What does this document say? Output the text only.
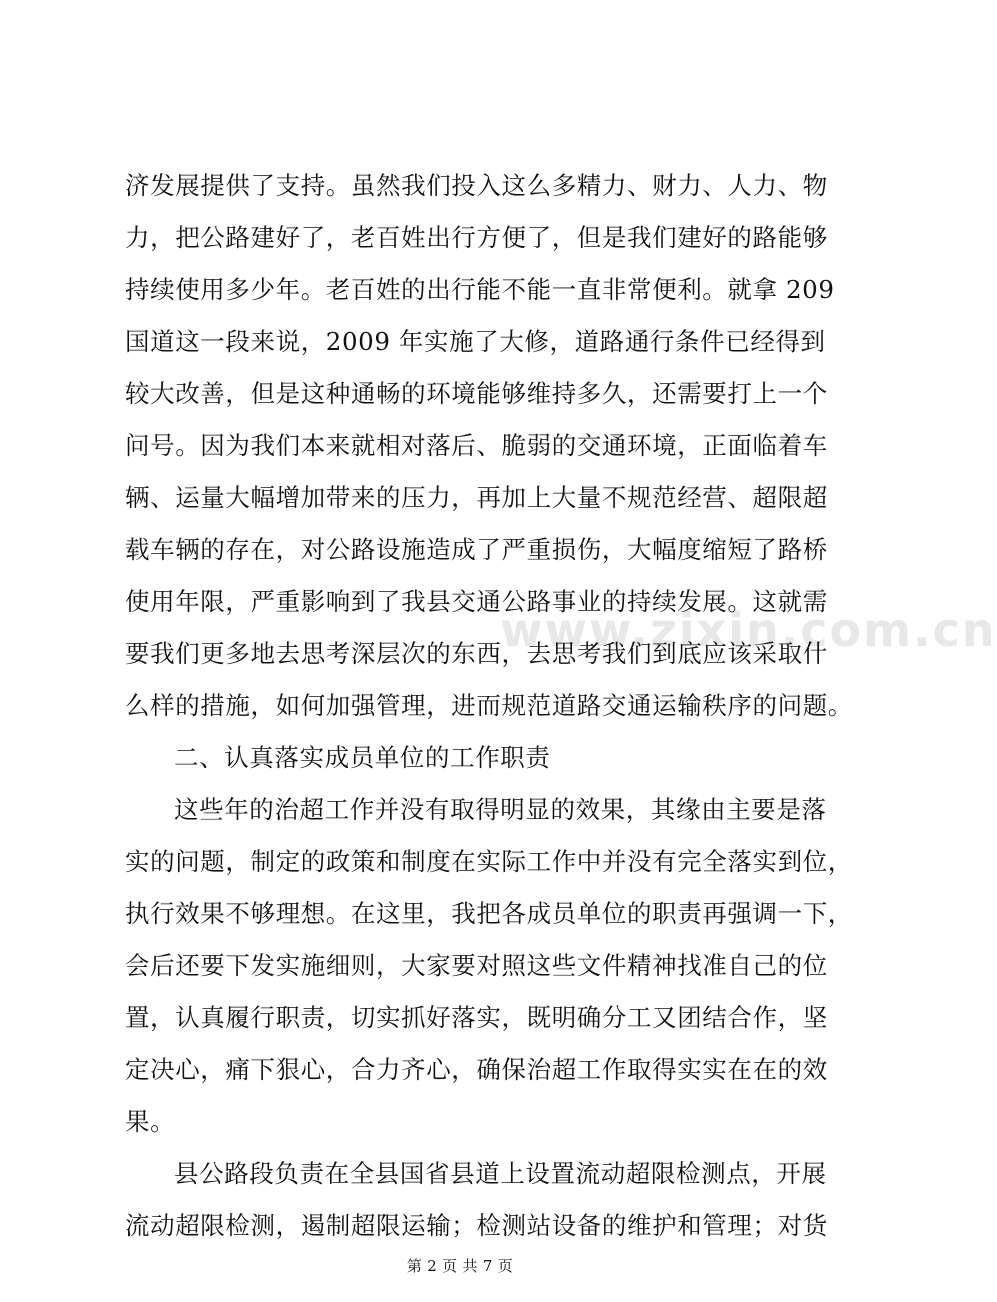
www.zixin.com.cn
济发展提供了支持。虽然我们投入这么多精力、财力、人力、物
力，把公路建好了，老百姓出行方便了，但是我们建好的路能够
持续使用多少年。老百姓的出行能不能一直非常便利。就拿 209
国道这一段来说，2009 年实施了大修，道路通行条件已经得到
较大改善，但是这种通畅的环境能够维持多久，还需要打上一个
问号。因为我们本来就相对落后、脆弱的交通环境，正面临着车
辆、运量大幅增加带来的压力，再加上大量不规范经营、超限超
载车辆的存在，对公路设施造成了严重损伤，大幅度缩短了路桥
使用年限，严重影响到了我县交通公路事业的持续发展。这就需
要我们更多地去思考深层次的东西，去思考我们到底应该采取什
么样的措施，如何加强管理，进而规范道路交通运输秩序的问题。
二、认真落实成员单位的工作职责
这些年的治超工作并没有取得明显的效果，其缘由主要是落
实的问题，制定的政策和制度在实际工作中并没有完全落实到位，
执行效果不够理想。在这里，我把各成员单位的职责再强调一下，
会后还要下发实施细则，大家要对照这些文件精神找准自己的位
置，认真履行职责，切实抓好落实，既明确分工又团结合作，坚
定决心，痛下狠心，合力齐心，确保治超工作取得实实在在的效
果。
县公路段负责在全县国省县道上设置流动超限检测点，开展
流动超限检测，遏制超限运输；检测站设备的维护和管理；对货
第 2 页 共 7 页
